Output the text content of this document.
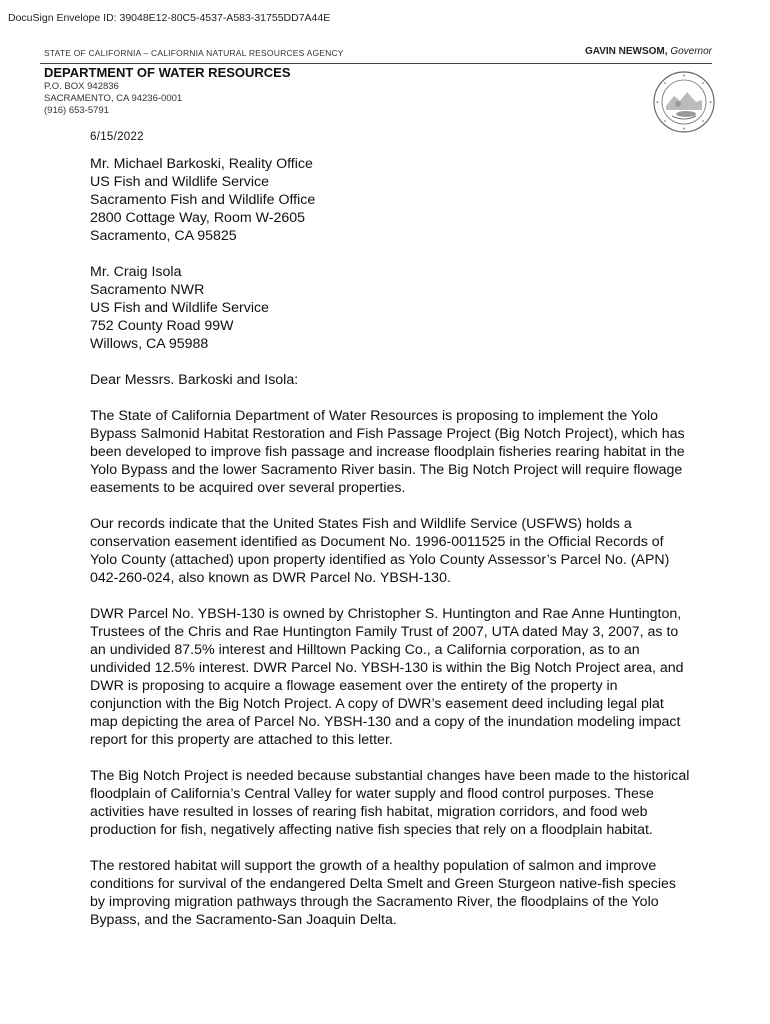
DocuSign Envelope ID: 39048E12-80C5-4537-A583-31755DD7A44E
STATE OF CALIFORNIA – CALIFORNIA NATURAL RESOURCES AGENCY	GAVIN NEWSOM, Governor
DEPARTMENT OF WATER RESOURCES
P.O. BOX 942836
SACRAMENTO, CA 94236-0001
(916) 653-5791
6/15/2022

Mr. Michael Barkoski, Reality Office
US Fish and Wildlife Service
Sacramento Fish and Wildlife Office
2800 Cottage Way, Room W-2605
Sacramento, CA 95825

Mr. Craig Isola
Sacramento NWR
US Fish and Wildlife Service
752 County Road 99W
Willows, CA 95988

Dear Messrs. Barkoski and Isola:

The State of California Department of Water Resources is proposing to implement the Yolo Bypass Salmonid Habitat Restoration and Fish Passage Project (Big Notch Project), which has been developed to improve fish passage and increase floodplain fisheries rearing habitat in the Yolo Bypass and the lower Sacramento River basin. The Big Notch Project will require flowage easements to be acquired over several properties.

Our records indicate that the United States Fish and Wildlife Service (USFWS) holds a conservation easement identified as Document No. 1996-0011525 in the Official Records of Yolo County (attached) upon property identified as Yolo County Assessor’s Parcel No. (APN) 042-260-024, also known as DWR Parcel No. YBSH-130.

DWR Parcel No. YBSH-130 is owned by Christopher S. Huntington and Rae Anne Huntington, Trustees of the Chris and Rae Huntington Family Trust of 2007, UTA dated May 3, 2007, as to an undivided 87.5% interest and Hilltown Packing Co., a California corporation, as to an undivided 12.5% interest. DWR Parcel No. YBSH-130 is within the Big Notch Project area, and DWR is proposing to acquire a flowage easement over the entirety of the property in conjunction with the Big Notch Project. A copy of DWR’s easement deed including legal plat map depicting the area of Parcel No. YBSH-130 and a copy of the inundation modeling impact report for this property are attached to this letter.

The Big Notch Project is needed because substantial changes have been made to the historical floodplain of California’s Central Valley for water supply and flood control purposes. These activities have resulted in losses of rearing fish habitat, migration corridors, and food web production for fish, negatively affecting native fish species that rely on a floodplain habitat.

The restored habitat will support the growth of a healthy population of salmon and improve conditions for survival of the endangered Delta Smelt and Green Sturgeon native-fish species by improving migration pathways through the Sacramento River, the floodplains of the Yolo Bypass, and the Sacramento-San Joaquin Delta.
